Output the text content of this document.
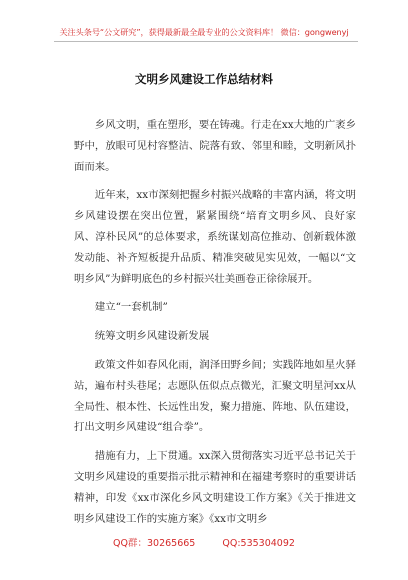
关注头条号“公文研究”，获得最新最全最专业的公文资料库！ 微信：gongwenyj
文明乡风建设工作总结材料

乡风文明，重在塑形，要在铸魂。行走在xx大地的广袤乡野中，放眼可见村容整洁、院落有致、邻里和睦，文明新风扑面而来。

近年来，xx市深刻把握乡村振兴战略的丰富内涵，将文明乡风建设摆在突出位置，紧紧围绕“培育文明乡风、良好家风、淳朴民风”的总体要求，系统谋划高位推动、创新载体激发动能、补齐短板提升品质、精准突破见实见效，一幅以“文明乡风”为鲜明底色的乡村振兴壮美画卷正徐徐展开。

建立“一套机制”

统筹文明乡风建设新发展

政策文件如春风化雨，润泽田野乡间；实践阵地如星火驿站，遍布村头巷尾；志愿队伍似点点微光，汇聚文明星河xx从全局性、根本性、长远性出发，聚力措施、阵地、队伍建设，打出文明乡风建设“组合拳”。

措施有力，上下贯通。xx深入贯彻落实习近平总书记关于文明乡风建设的重要指示批示精神和在福建考察时的重要讲话精神，印发《xx市深化乡风文明建设工作方案》《关于推进文明乡风建设工作的实施方案》《xx市文明乡

QQ群：30265665	QQ:535304092
